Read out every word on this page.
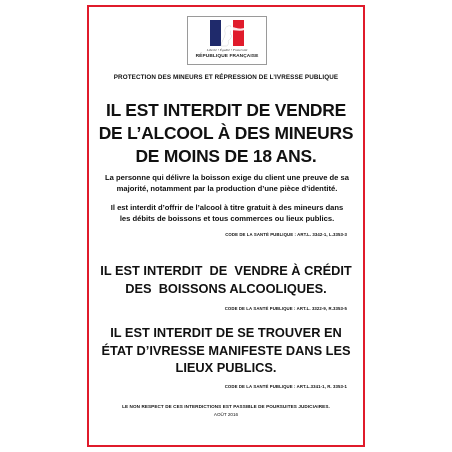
Liberté • Égalité • Fraternité
RÉPUBLIQUE FRANÇAISE
PROTECTION DES MINEURS ET RÉPRESSION DE L’IVRESSE PUBLIQUE
IL EST INTERDIT DE VENDRE
DE L’ALCOOL À DES MINEURS
DE MOINS DE 18 ANS.
La personne qui délivre la boisson exige du client une preuve de sa
majorité, notamment par la production d’une pièce d’identité.
Il est interdit d’offrir de l’alcool à titre gratuit à des mineurs dans
les débits de boissons et tous commerces ou lieux publics.
CODE DE LA SANTÉ PUBLIQUE : ART.L. 3342-1, L.3353-3
IL EST INTERDIT  DE  VENDRE À CRÉDIT
DES  BOISSONS ALCOOLIQUES.
CODE DE LA SANTÉ PUBLIQUE : ART.L. 3322-9, R.3353-5
IL EST INTERDIT DE SE TROUVER EN
ÉTAT D’IVRESSE MANIFESTE DANS LES
LIEUX PUBLICS.
CODE DE LA SANTÉ PUBLIQUE : ART.L.3341-1, R. 3353-1
LE NON RESPECT DE CES INTERDICTIONS EST PASSIBLE DE POURSUITES JUDICIAIRES.
AOÛT 2016
